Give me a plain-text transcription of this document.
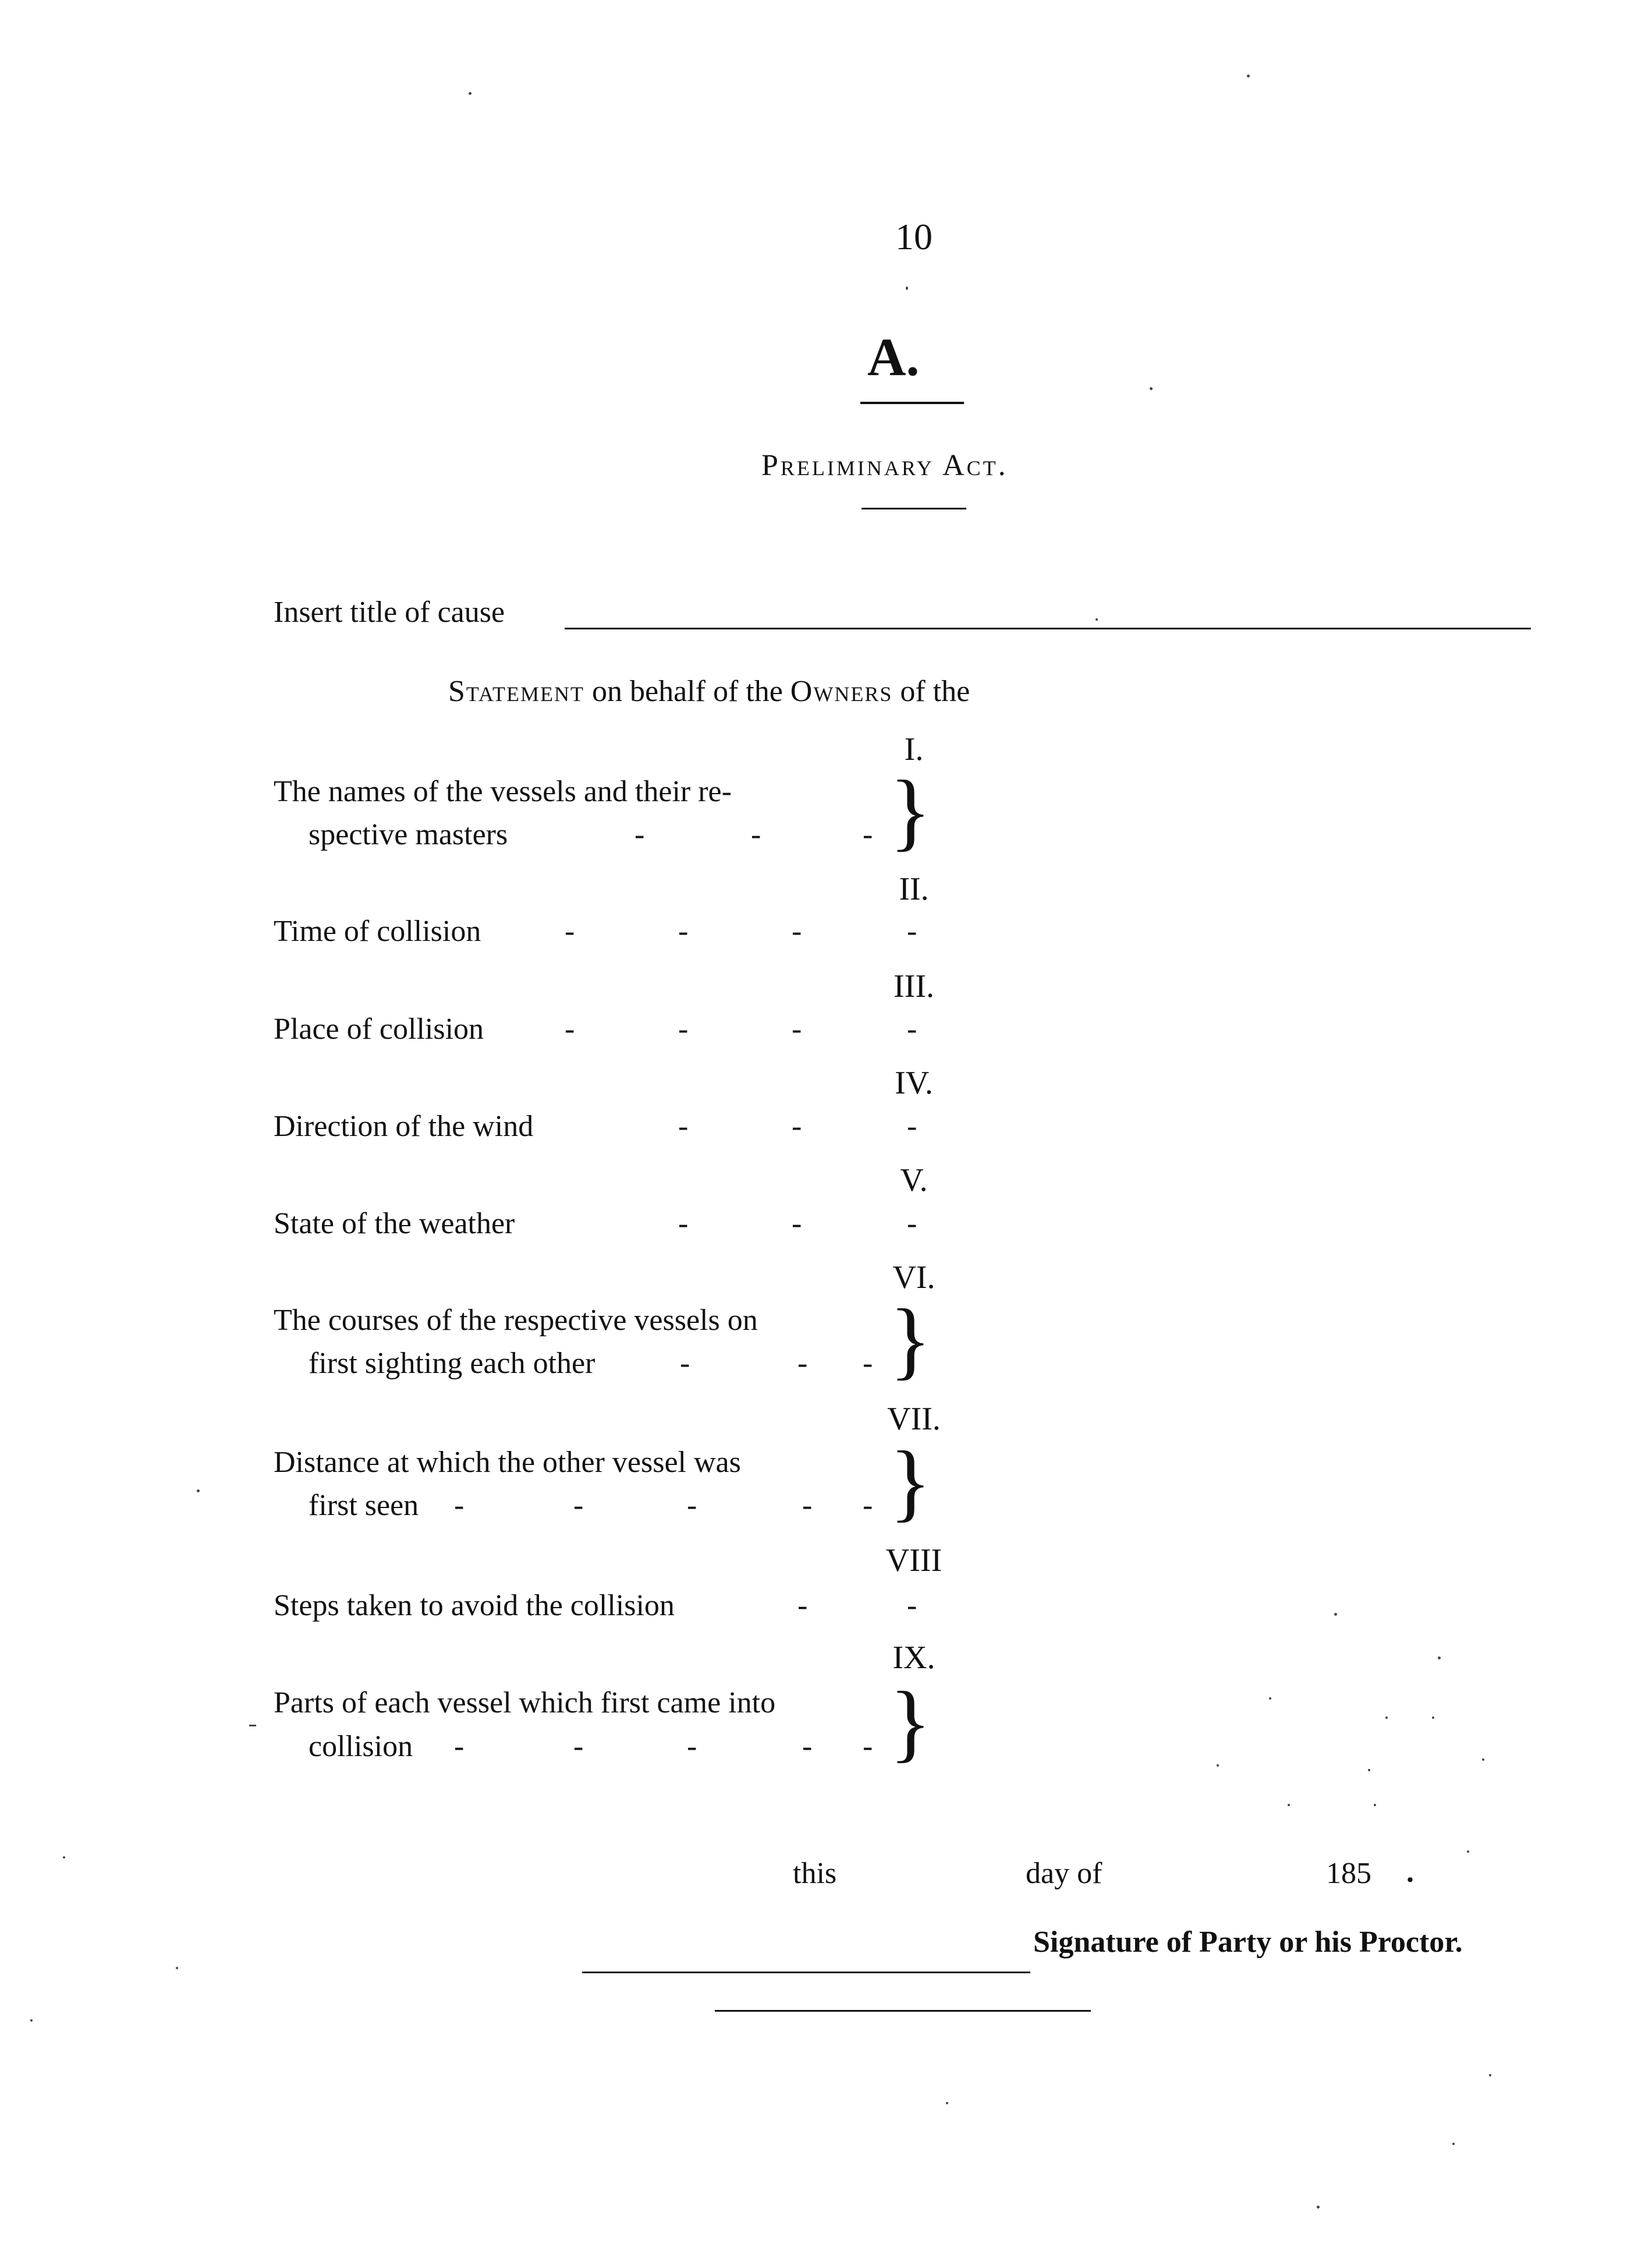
10
A.
Preliminary Act.
Insert title of cause
Statement on behalf of the Owners of the
I.
The names of the vessels and their re-
spective masters	-	-	- }
II.
Time of collision	-	-	-	-
III.
Place of collision	-	-	-	-
IV.
Direction of the wind	-	-	-
V.
State of the weather	-	-	-
VI.
The courses of the respective vessels on
first sighting each other	-	- - }
VII.
Distance at which the other vessel was
first seen -	-	-	- - }
VIII
Steps taken to avoid the collision	-	-
IX.
Parts of each vessel which first came into
collision -	-	-	- - }
this	day of	185 .
Signature of Party or his Proctor.
